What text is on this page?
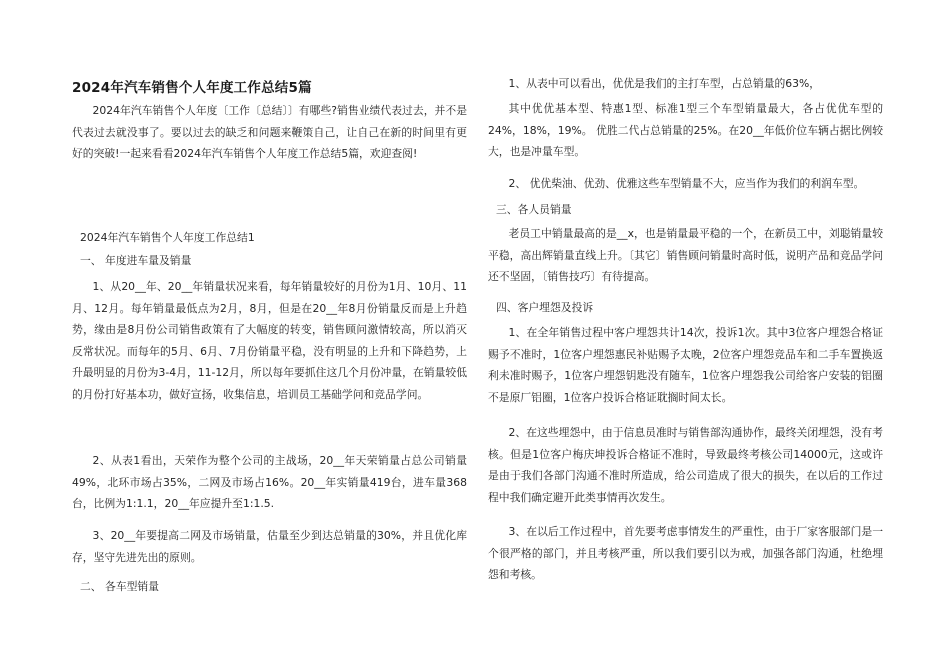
2024年汽车销售个人年度工作总结5篇

2024年汽车销售个人年度〔工作〔总结〕〕有哪些?销售业绩代表过去，并不是代表过去就没事了。要以过去的缺乏和问题来鞭策自己，让自己在新的时间里有更好的突破!一起来看看2024年汽车销售个人年度工作总结5篇，欢迎查阅!

2024年汽车销售个人年度工作总结1
一、 年度进车量及销量

1、从20__年、20__年销量状况来看，每年销量较好的月份为1月、10月、11月、12月。每年销量最低点为2月，8月，但是在20__年8月份销量反而是上升趋势，缘由是8月份公司销售政策有了大幅度的转变，销售顾问激情较高，所以消灭反常状况。而每年的5月、6月、7月份销量平稳，没有明显的上升和下降趋势，上升最明显的月份为3-4月，11-12月，所以每年要抓住这几个月份冲量，在销量较低的月份打好基本功，做好宣扬，收集信息，培训员工基础学问和竞品学问。

2、从表1看出，天荣作为整个公司的主战场，20__年天荣销量占总公司销量49%，北环市场占35%，二网及市场占16%。20__年实销量419台，进车量368台，比例为1:1.1，20__年应提升至1:1.5.

3、20__年要提高二网及市场销量，估量至少到达总销量的30%，并且优化库存，坚守先进先出的原则。

二、 各车型销量

1、从表中可以看出，优优是我们的主打车型，占总销量的63%，

其中优优基本型、特惠1型、标准1型三个车型销量最大，各占优优车型的24%，18%，19%。 优胜二代占总销量的25%。在20__年低价位车辆占据比例较大，也是冲量车型。

2、 优优柴油、优劲、优雅这些车型销量不大，应当作为我们的利润车型。

三、各人员销量

老员工中销量最高的是__x，也是销量最平稳的一个，在新员工中，刘聪销量较平稳，高出辉销量直线上升。〔其它〕销售顾问销量时高时低，说明产品和竞品学问还不坚固，〔销售技巧〕有待提高。

四、客户埋怨及投诉

1、在全年销售过程中客户埋怨共计14次，投诉1次。其中3位客户埋怨合格证赐予不准时，1位客户埋怨惠民补贴赐予太晚，2位客户埋怨竞品车和二手车置换返利未准时赐予，1位客户埋怨钥匙没有随车，1位客户埋怨我公司给客户安装的铝圈不是原厂铝圈，1位客户投诉合格证耽搁时间太长。

2、在这些埋怨中，由于信息员准时与销售部沟通协作，最终关闭埋怨，没有考核。但是1位客户梅庆坤投诉合格证不准时，导致最终考核公司14000元，这或许是由于我们各部门沟通不准时所造成，给公司造成了很大的损失，在以后的工作过程中我们确定避开此类事情再次发生。

3、在以后工作过程中，首先要考虑事情发生的严重性，由于厂家客服部门是一个很严格的部门，并且考核严重，所以我们要引以为戒，加强各部门沟通，杜绝埋怨和考核。
